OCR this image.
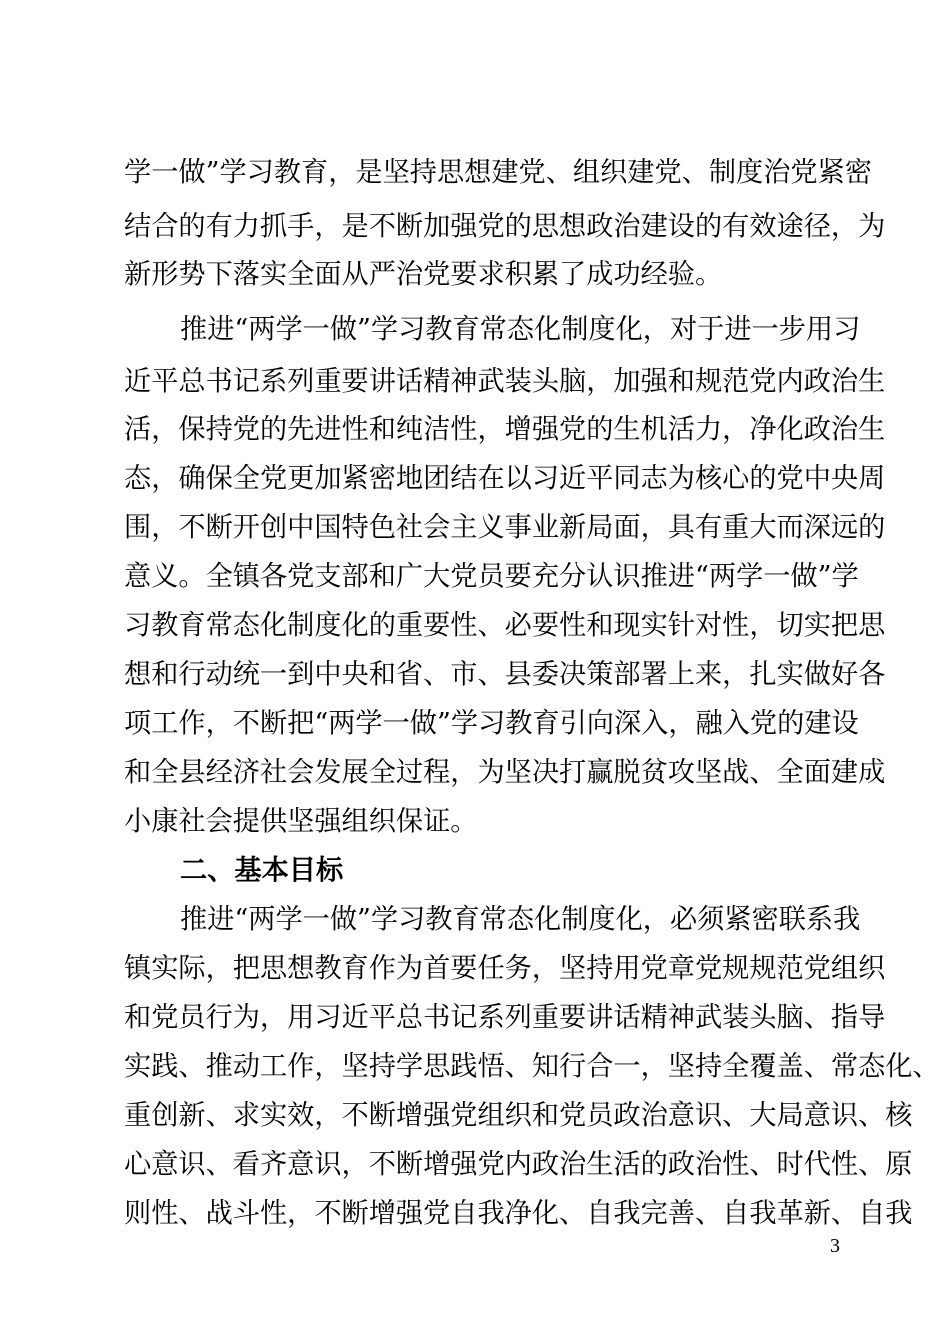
学一做”学习教育，是坚持思想建党、组织建党、制度治党紧密
结合的有力抓手，是不断加强党的思想政治建设的有效途径，为
新形势下落实全面从严治党要求积累了成功经验。
推进“两学一做”学习教育常态化制度化，对于进一步用习
近平总书记系列重要讲话精神武装头脑，加强和规范党内政治生
活，保持党的先进性和纯洁性，增强党的生机活力，净化政治生
态，确保全党更加紧密地团结在以习近平同志为核心的党中央周
围，不断开创中国特色社会主义事业新局面，具有重大而深远的
意义。全镇各党支部和广大党员要充分认识推进“两学一做”学
习教育常态化制度化的重要性、必要性和现实针对性，切实把思
想和行动统一到中央和省、市、县委决策部署上来，扎实做好各
项工作，不断把“两学一做”学习教育引向深入，融入党的建设
和全县经济社会发展全过程，为坚决打赢脱贫攻坚战、全面建成
小康社会提供坚强组织保证。
二、基本目标
推进“两学一做”学习教育常态化制度化，必须紧密联系我
镇实际，把思想教育作为首要任务，坚持用党章党规规范党组织
和党员行为，用习近平总书记系列重要讲话精神武装头脑、指导
实践、推动工作，坚持学思践悟、知行合一，坚持全覆盖、常态化、
重创新、求实效，不断增强党组织和党员政治意识、大局意识、核
心意识、看齐意识，不断增强党内政治生活的政治性、时代性、原
则性、战斗性，不断增强党自我净化、自我完善、自我革新、自我
3
